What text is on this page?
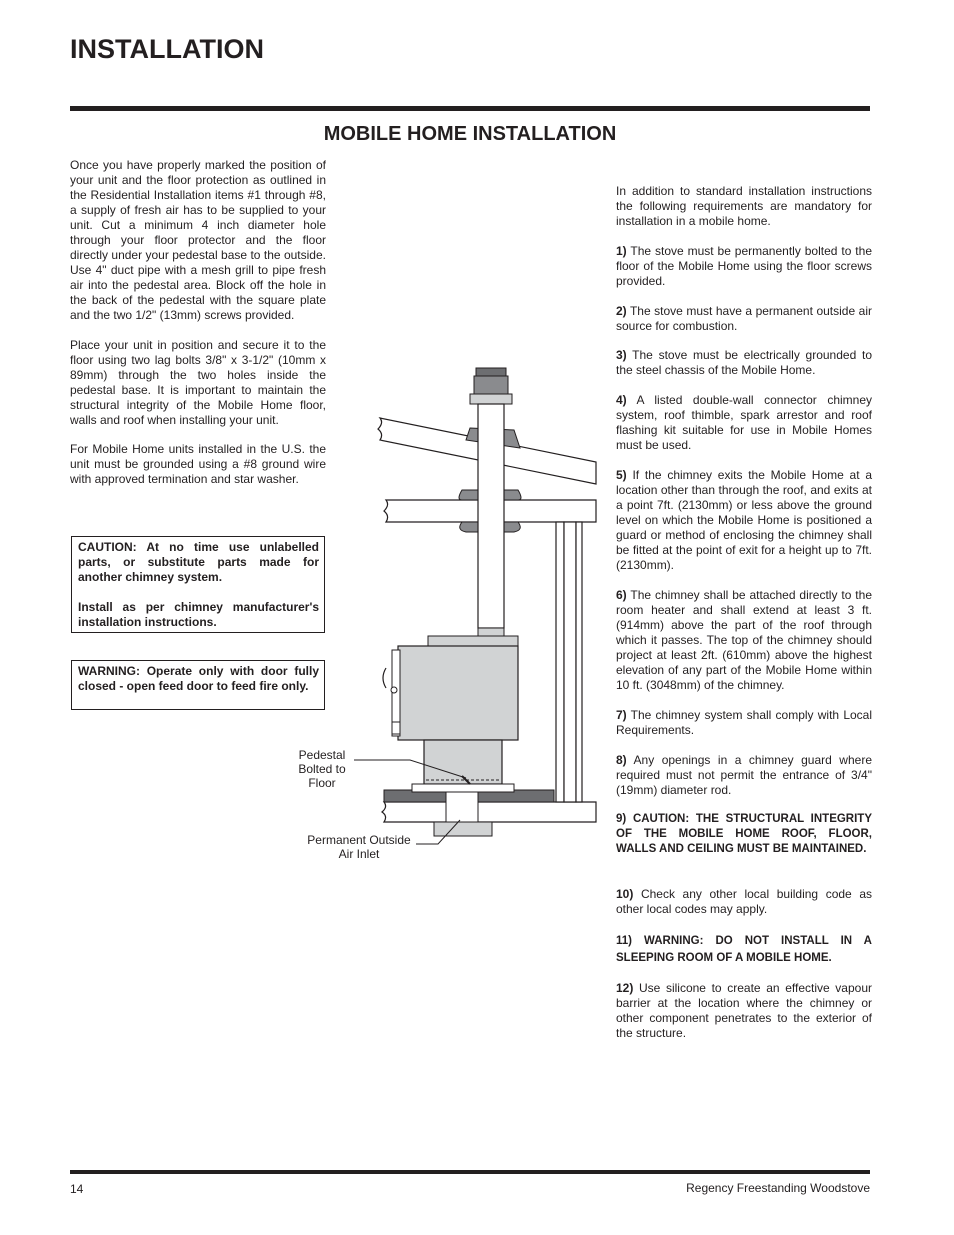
INSTALLATION
MOBILE HOME INSTALLATION

Once you have properly marked the position of your unit and the floor protection as outlined in the Residential Installation items #1 through #8, a supply of fresh air has to be supplied to your unit. Cut a minimum 4 inch diameter hole through your floor protector and the floor directly under your pedestal base to the outside. Use 4" duct pipe with a mesh grill to pipe fresh air into the pedestal area. Block off the hole in the back of the pedestal with the square plate and the two 1/2" (13mm) screws provided.

Place your unit in position and secure it to the floor using two lag bolts 3/8" x 3-1/2" (10mm x 89mm) through the two holes inside the pedestal base. It is important to maintain the structural integrity of the Mobile Home floor, walls and roof when installing your unit.

For Mobile Home units installed in the U.S. the unit must be grounded using a #8 ground wire with approved termination and star washer.

CAUTION: At no time use unlabelled parts, or substitute parts made for another chimney system.

Install as per chimney manufacturer's installation instructions.

WARNING: Operate only with door fully closed - open feed door to feed fire only.

Pedestal
Bolted to
Floor
Permanent Outside
Air Inlet

In addition to standard installation instructions the following requirements are mandatory for installation in a mobile home.

1) The stove must be permanently bolted to the floor of the Mobile Home using the floor screws provided.

2) The stove must have a permanent outside air source for combustion.

3) The stove must be electrically grounded to the steel chassis of the Mobile Home.

4) A listed double-wall connector chimney system, roof thimble, spark arrestor and roof flashing kit suitable for use in Mobile Homes must be used.

5) If the chimney exits the Mobile Home at a location other than through the roof, and exits at a point 7ft. (2130mm) or less above the ground level on which the Mobile Home is positioned a guard or method of enclosing the chimney shall be fitted at the point of exit for a height up to 7ft. (2130mm).

6) The chimney shall be attached directly to the room heater and shall extend at least 3 ft. (914mm) above the part of the roof through which it passes. The top of the chimney should project at least 2ft. (610mm) above the highest elevation of any part of the Mobile Home within 10 ft. (3048mm) of the chimney.

7) The chimney system shall comply with Local Requirements.

8) Any openings in a chimney guard where required must not permit the entrance of 3/4" (19mm) diameter rod.

9) CAUTION: THE STRUCTURAL INTEGRITY OF THE MOBILE HOME ROOF, FLOOR, WALLS AND CEILING MUST BE MAINTAINED.

10) Check any other local building code as other local codes may apply.

11) WARNING: DO NOT INSTALL IN A SLEEPING ROOM OF A MOBILE HOME.

12) Use silicone to create an effective vapour barrier at the location where the chimney or other component penetrates to the exterior of the structure.

14	Regency Freestanding Woodstove
